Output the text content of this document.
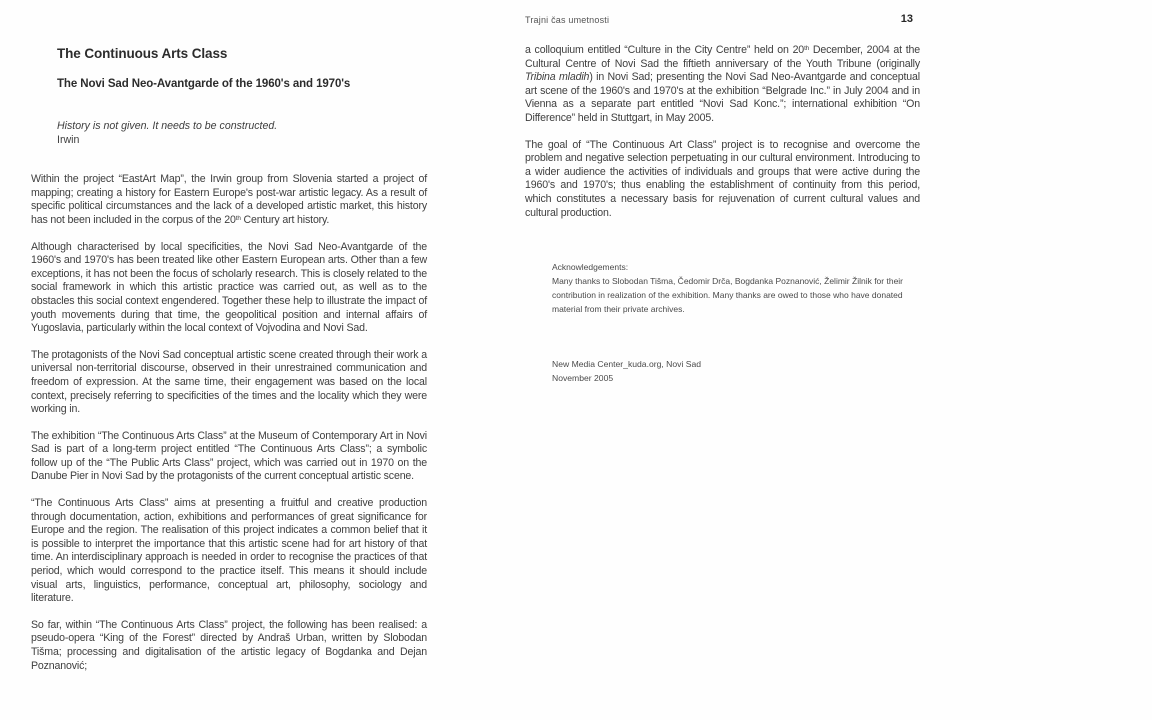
Trajni čas umetnosti	13
The Continuous Arts Class
The Novi Sad Neo-Avantgarde of the 1960's and 1970's
History is not given. It needs to be constructed.
Irwin

Within the project “EastArt Map”, the Irwin group from Slovenia started a project of mapping; creating a history for Eastern Europe's post-war artistic legacy. As a result of specific political circumstances and the lack of a developed artistic market, this history has not been included in the corpus of the 20th Century art history.

Although characterised by local specificities, the Novi Sad Neo-Avantgarde of the 1960's and 1970's has been treated like other Eastern European arts. Other than a few exceptions, it has not been the focus of scholarly research. This is closely related to the social framework in which this artistic practice was carried out, as well as to the obstacles this social context engendered. Together these help to illustrate the impact of youth movements during that time, the geopolitical position and internal affairs of Yugoslavia, particularly within the local context of Vojvodina and Novi Sad.

The protagonists of the Novi Sad conceptual artistic scene created through their work a universal non-territorial discourse, observed in their unrestrained communication and freedom of expression. At the same time, their engagement was based on the local context, precisely referring to specificities of the times and the locality which they were working in.

The exhibition “The Continuous Arts Class” at the Museum of Contemporary Art in Novi Sad is part of a long-term project entitled “The Continuous Arts Class”; a symbolic follow up of the “The Public Arts Class” project, which was carried out in 1970 on the Danube Pier in Novi Sad by the protagonists of the current conceptual artistic scene.

“The Continuous Arts Class” aims at presenting a fruitful and creative production through documentation, action, exhibitions and performances of great significance for Europe and the region. The realisation of this project indicates a common belief that it is possible to interpret the importance that this artistic scene had for art history of that time. An interdisciplinary approach is needed in order to recognise the practices of that period, which would correspond to the practice itself. This means it should include visual arts, linguistics, performance, conceptual art, philosophy, sociology and literature.

So far, within “The Continuous Arts Class” project, the following has been realised: a pseudo-opera “King of the Forest” directed by Andraš Urban, written by Slobodan Tišma; processing and digitalisation of the artistic legacy of Bogdanka and Dejan Poznanović;

a colloquium entitled “Culture in the City Centre” held on 20th December, 2004 at the Cultural Centre of Novi Sad the fiftieth anniversary of the Youth Tribune (originally Tribina mladih) in Novi Sad; presenting the Novi Sad Neo-Avantgarde and conceptual art scene of the 1960's and 1970's at the exhibition “Belgrade Inc.” in July 2004 and in Vienna as a separate part entitled “Novi Sad Konc.”; international exhibition “On Difference” held in Stuttgart, in May 2005.

The goal of “The Continuous Art Class” project is to recognise and overcome the problem and negative selection perpetuating in our cultural environment. Introducing to a wider audience the activities of individuals and groups that were active during the 1960's and 1970's; thus enabling the establishment of continuity from this period, which constitutes a necessary basis for rejuvenation of current cultural values and cultural production.

Acknowledgements:

Many thanks to Slobodan Tišma, Čedomir Drča, Bogdanka Poznanović, Želimir Žilnik for their contribution in realization of the exhibition. Many thanks are owed to those who have donated material from their private archives.

New Media Center_kuda.org, Novi Sad

November 2005
